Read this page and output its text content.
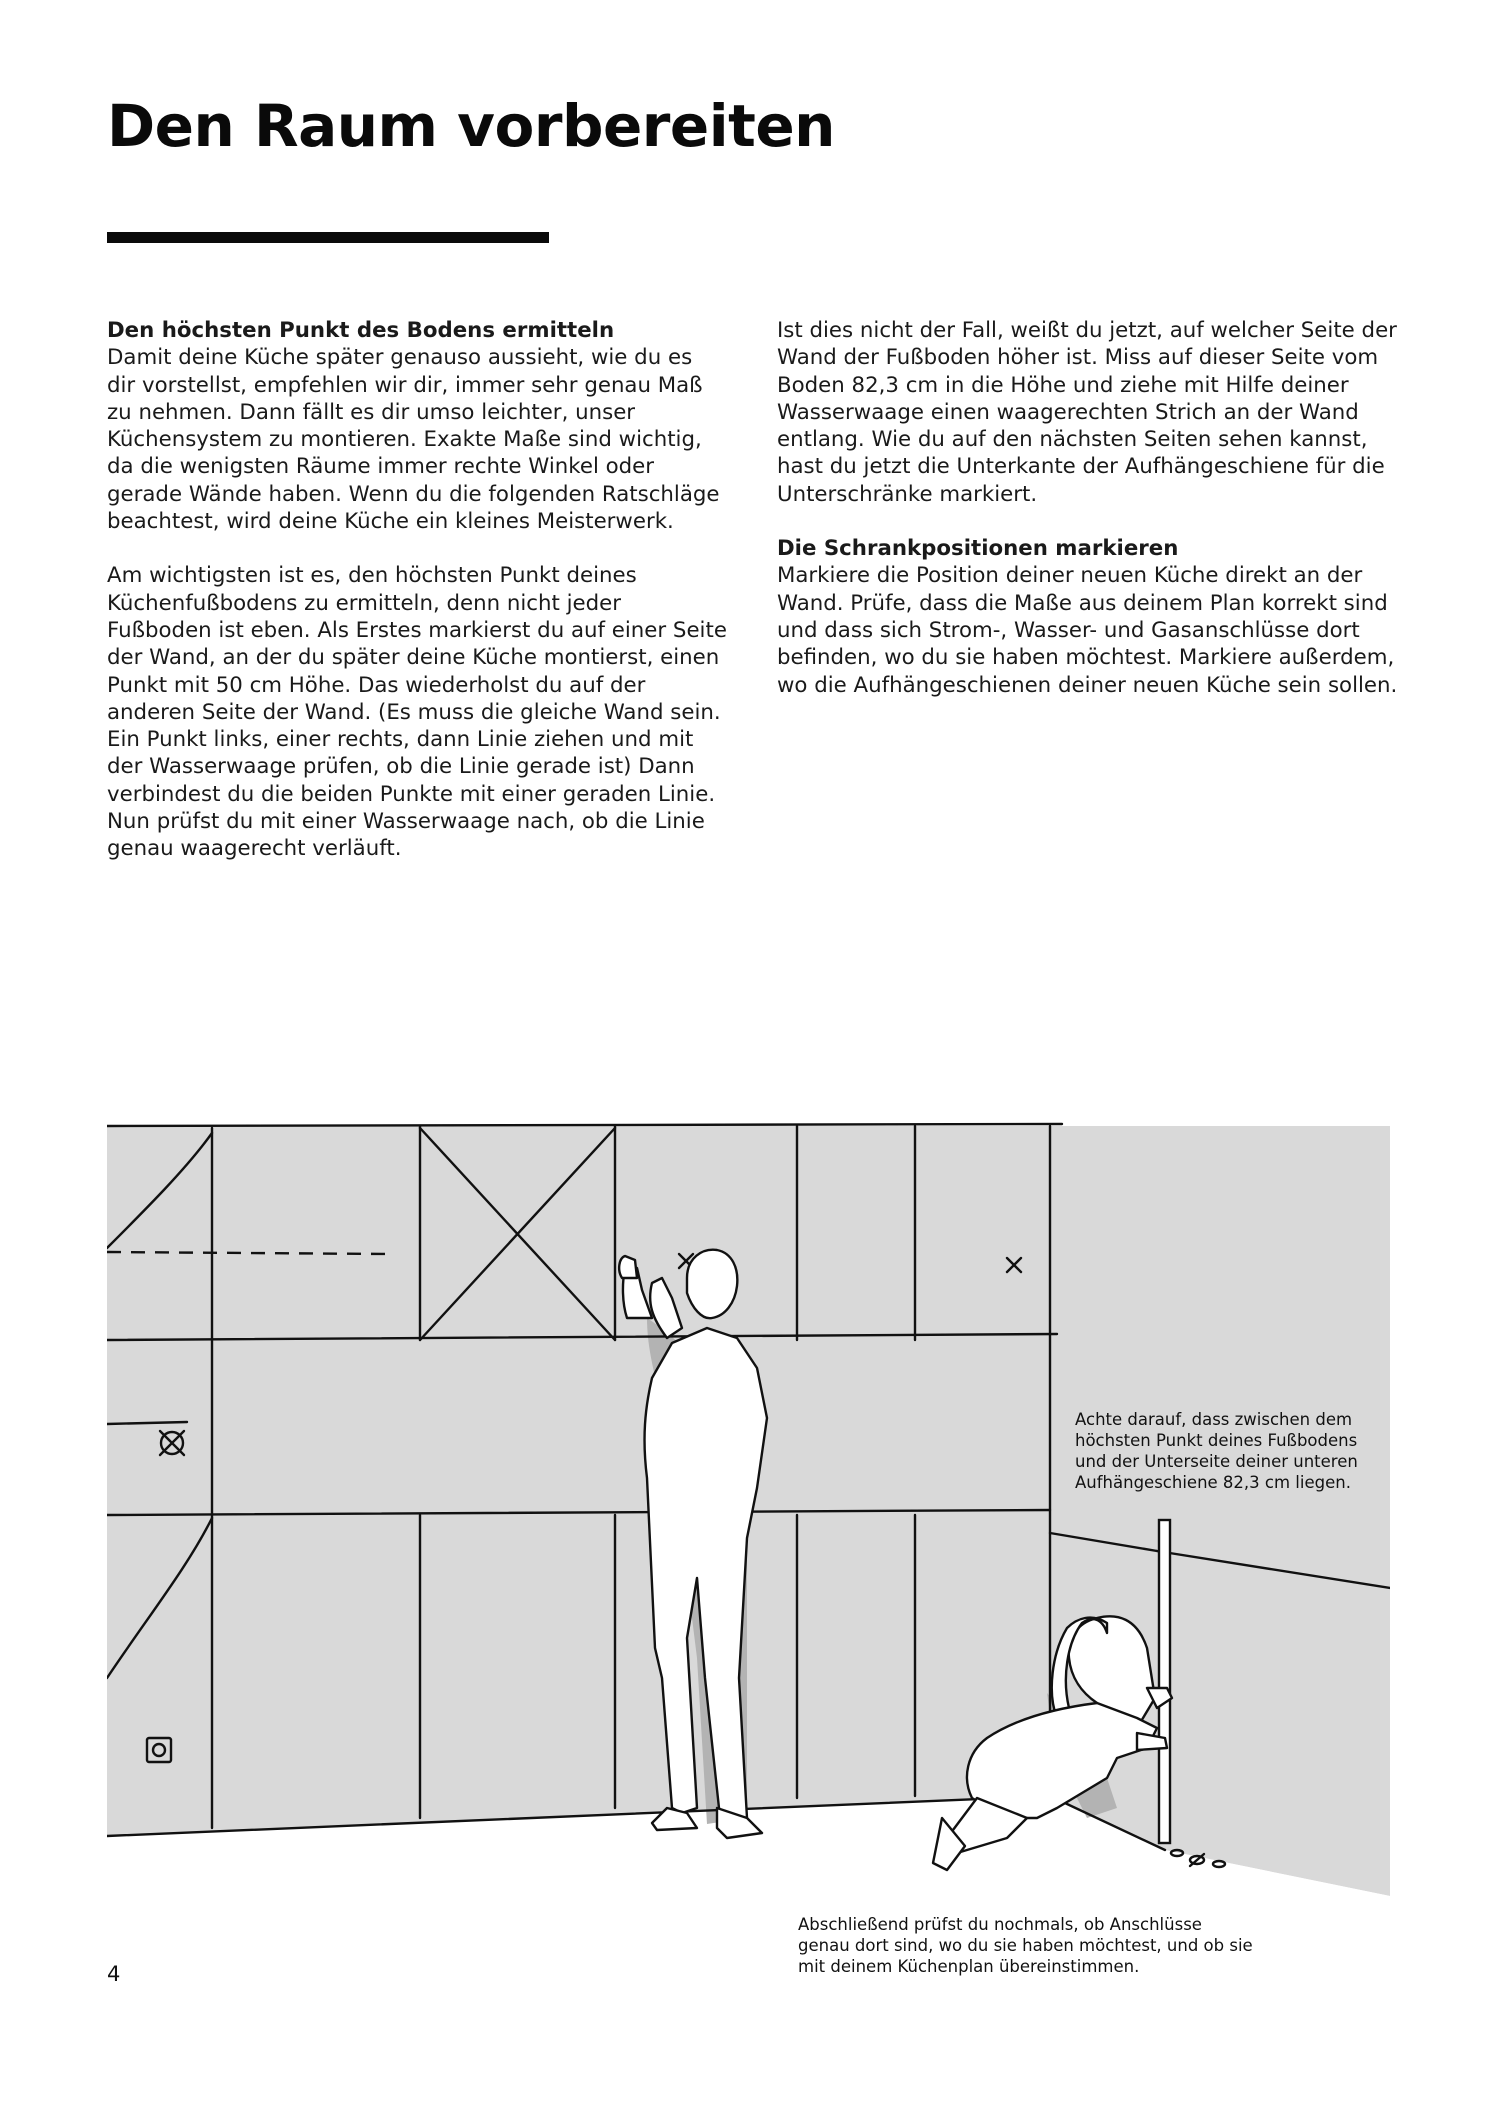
Den Raum vorbereiten

Den höchsten Punkt des Bodens ermitteln

Damit deine Küche später genauso aussieht, wie du es dir vorstellst, empfehlen wir dir, immer sehr genau Maß zu nehmen. Dann fällt es dir umso leichter, unser Küchensystem zu montieren. Exakte Maße sind wichtig, da die wenigsten Räume immer rechte Winkel oder gerade Wände haben. Wenn du die folgenden Ratschläge beachtest, wird deine Küche ein kleines Meisterwerk.

Am wichtigsten ist es, den höchsten Punkt deines Küchenfußbodens zu ermitteln, denn nicht jeder Fußboden ist eben. Als Erstes markierst du auf einer Seite der Wand, an der du später deine Küche montierst, einen Punkt mit 50 cm Höhe. Das wiederholst du auf der anderen Seite der Wand. (Es muss die gleiche Wand sein. Ein Punkt links, einer rechts, dann Linie ziehen und mit der Wasserwaage prüfen, ob die Linie gerade ist) Dann verbindest du die beiden Punkte mit einer geraden Linie. Nun prüfst du mit einer Wasserwaage nach, ob die Linie genau waagerecht verläuft.

Ist dies nicht der Fall, weißt du jetzt, auf welcher Seite der Wand der Fußboden höher ist. Miss auf dieser Seite vom Boden 82,3 cm in die Höhe und ziehe mit Hilfe deiner Wasserwaage einen waagerechten Strich an der Wand entlang. Wie du auf den nächsten Seiten sehen kannst, hast du jetzt die Unterkante der Aufhängeschiene für die Unterschränke markiert.

Die Schrankpositionen markieren

Markiere die Position deiner neuen Küche direkt an der Wand. Prüfe, dass die Maße aus deinem Plan korrekt sind und dass sich Strom-, Wasser- und Gasanschlüsse dort befinden, wo du sie haben möchtest. Markiere außerdem, wo die Aufhängeschienen deiner neuen Küche sein sollen.

Achte darauf, dass zwischen dem höchsten Punkt deines Fußbodens und der Unterseite deiner unteren Aufhängeschiene 82,3 cm liegen.

Abschließend prüfst du nochmals, ob Anschlüsse genau dort sind, wo du sie haben möchtest, und ob sie mit deinem Küchenplan übereinstimmen.

4
